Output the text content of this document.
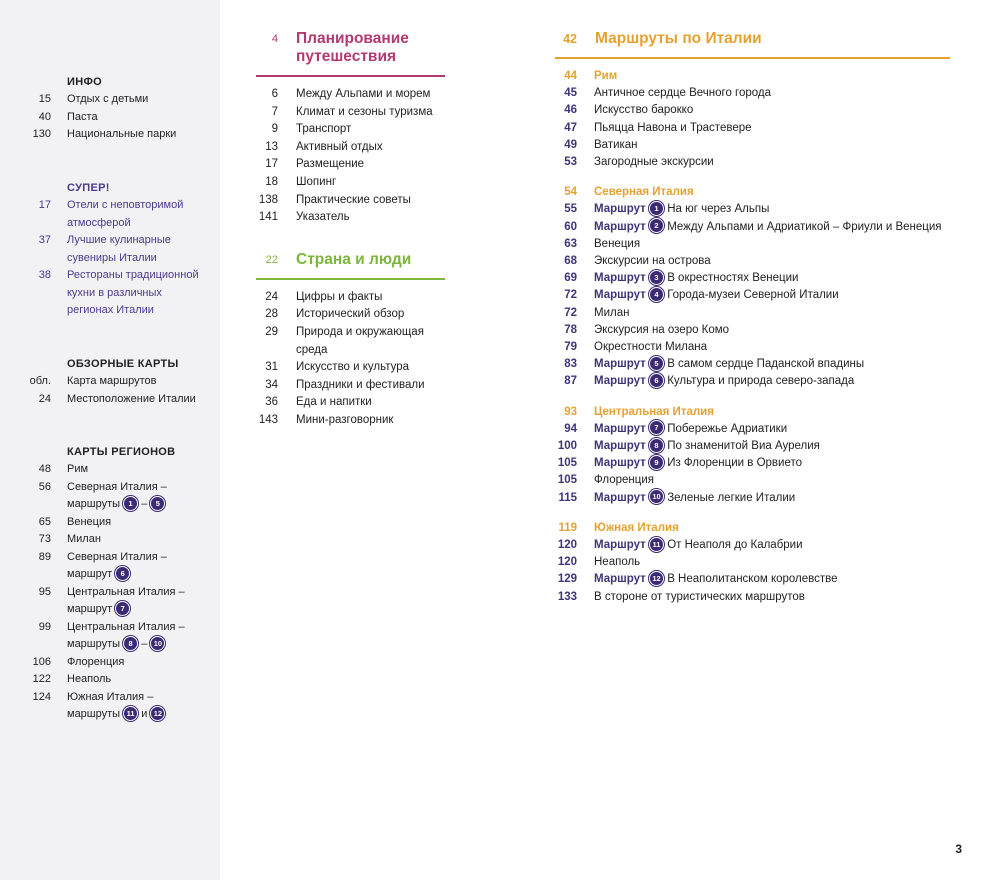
ИНФО
15 Отдых с детьми
40 Паста
130 Национальные парки
СУПЕР!
17 Отели с неповторимой
атмосферой
37 Лучшие кулинарные
сувениры Италии
38 Рестораны традиционной
кухни в различных
регионах Италии
ОБЗОРНЫЕ КАРТЫ
обл. Карта маршрутов
24 Местоположение Италии
КАРТЫ РЕГИОНОВ
48 Рим
56 Северная Италия –
маршруты 1 – 5
65 Венеция
73 Милан
89 Северная Италия –
маршрут 6
95 Центральная Италия –
маршрут 7
99 Центральная Италия –
маршруты 8 – 10
106 Флоренция
122 Неаполь
124 Южная Италия –
маршруты 11 и 12
4 Планирование
путешествия
6 Между Альпами и морем
7 Климат и сезоны туризма
9 Транспорт
13 Активный отдых
17 Размещение
18 Шопинг
138 Практические советы
141 Указатель
22 Страна и люди
24 Цифры и факты
28 Исторический обзор
29 Природа и окружающая
среда
31 Искусство и культура
34 Праздники и фестивали
36 Еда и напитки
143 Мини-разговорник
42 Маршруты по Италии
44 Рим
45 Античное сердце Вечного города
46 Искусство барокко
47 Пьяцца Навона и Трастевере
49 Ватикан
53 Загородные экскурсии
54 Северная Италия
55 Маршрут 1 На юг через Альпы
60 Маршрут 2 Между Альпами и Адриатикой – Фриули и Венеция
63 Венеция
68 Экскурсии на острова
69 Маршрут 3 В окрестностях Венеции
72 Маршрут 4 Города-музеи Северной Италии
72 Милан
78 Экскурсия на озеро Комо
79 Окрестности Милана
83 Маршрут 5 В самом сердце Паданской впадины
87 Маршрут 6 Культура и природа северо-запада
93 Центральная Италия
94 Маршрут 7 Побережье Адриатики
100 Маршрут 8 По знаменитой Виа Аурелия
105 Маршрут 9 Из Флоренции в Орвието
105 Флоренция
115 Маршрут 10 Зеленые легкие Италии
119 Южная Италия
120 Маршрут 11 От Неаполя до Калабрии
120 Неаполь
129 Маршрут 12 В Неаполитанском королевстве
133 В стороне от туристических маршрутов
3
